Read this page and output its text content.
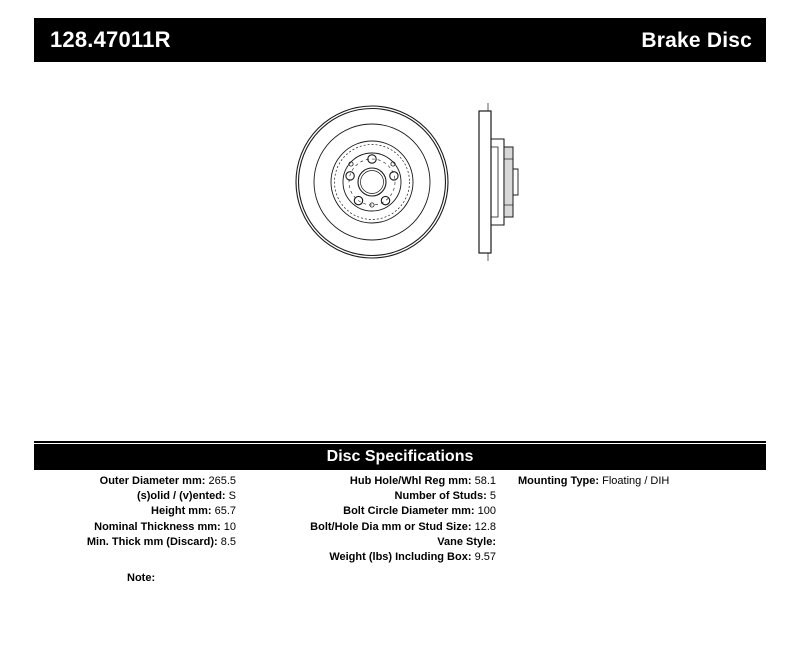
128.47011R	Brake Disc
Disc Specifications
Outer Diameter mm: 265.5
(s)olid / (v)ented: S
Height mm: 65.7
Nominal Thickness mm: 10
Min. Thick mm (Discard): 8.5
Hub Hole/Whl Reg mm: 58.1
Number of Studs: 5
Bolt Circle Diameter mm: 100
Bolt/Hole Dia mm or Stud Size: 12.8
Vane Style:
Weight (lbs) Including Box: 9.57
Mounting Type: Floating / DIH
Note:
